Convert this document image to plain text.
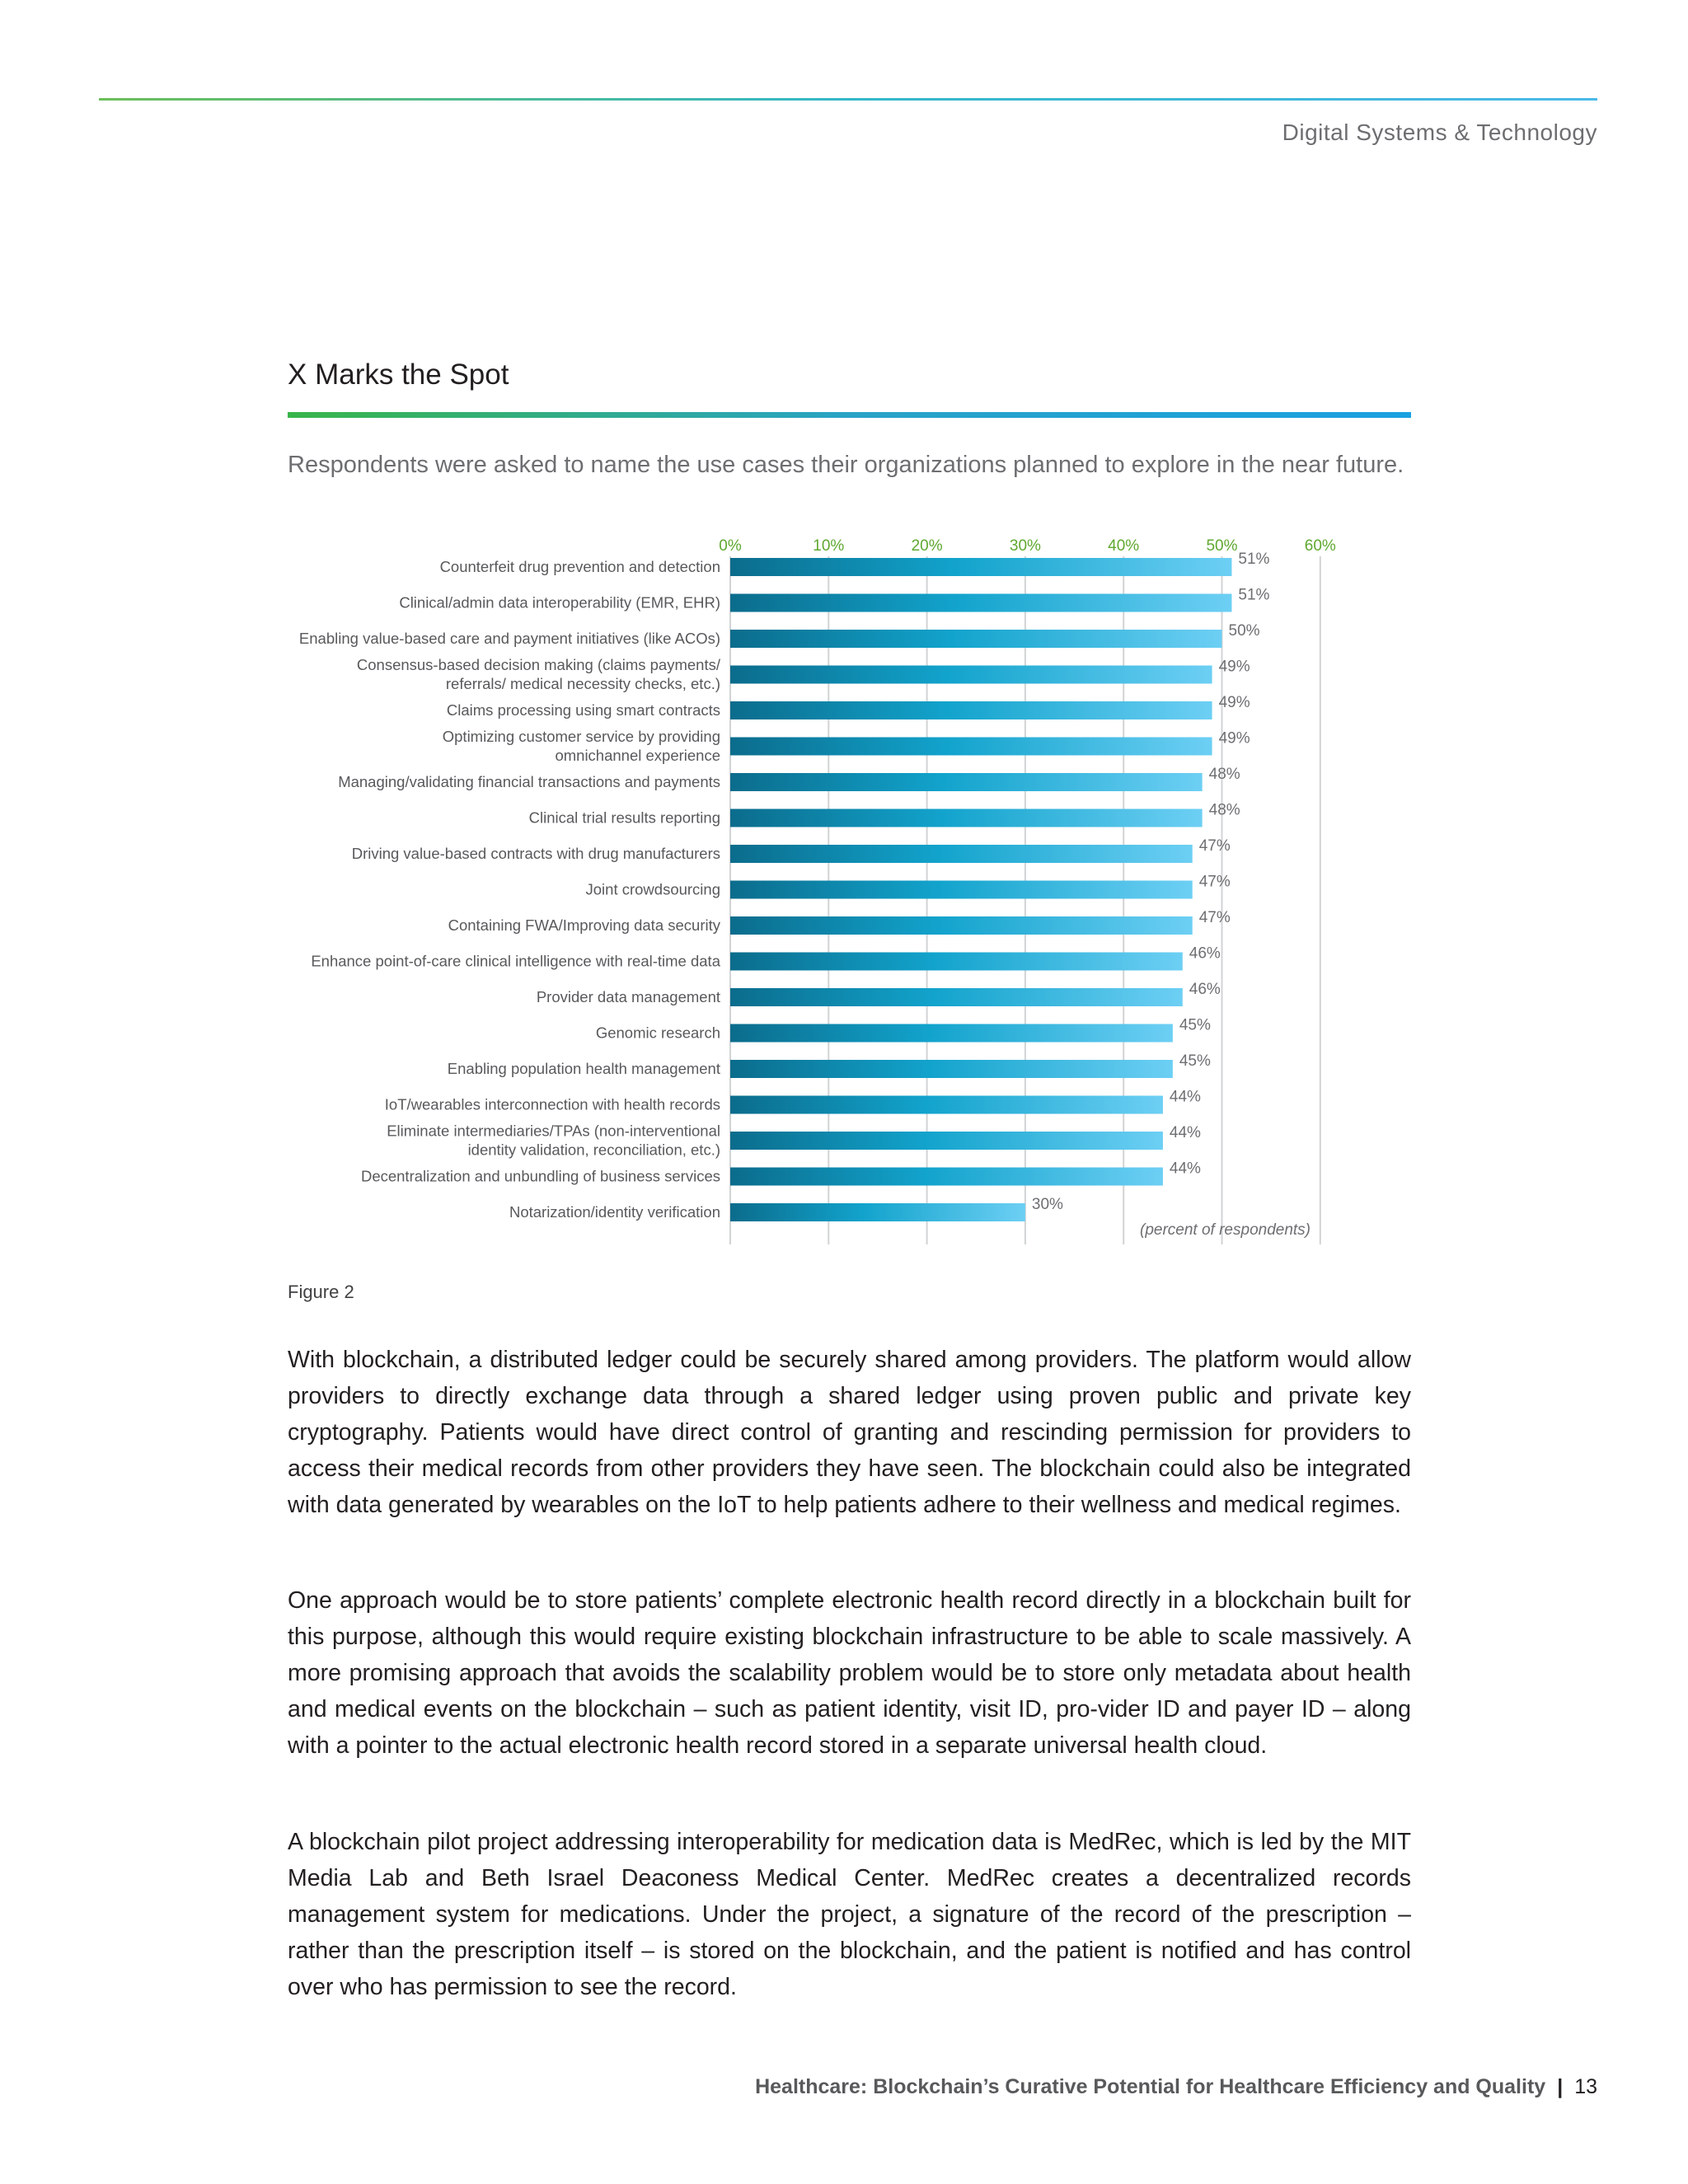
Digital Systems & Technology
X Marks the Spot
Respondents were asked to name the use cases their organizations planned to explore in the near future.
0%	10%	20%	30%	40%	50%	60%
Counterfeit drug prevention and detection
Clinical/admin data interoperability (EMR, EHR)
Enabling value-based care and payment initiatives (like ACOs)
Consensus-based decision making (claims payments/
referrals/ medical necessity checks, etc.)
Claims processing using smart contracts
Optimizing customer service by providing
omnichannel experience
Managing/validating financial transactions and payments
Clinical trial results reporting
Driving value-based contracts with drug manufacturers
Joint crowdsourcing
Containing FWA/Improving data security
Enhance point-of-care clinical intelligence with real-time data
Provider data management
Genomic research
Enabling population health management
IoT/wearables interconnection with health records
Eliminate intermediaries/TPAs (non-interventional
identity validation, reconciliation, etc.)
Decentralization and unbundling of business services
Notarization/identity verification
51%
51%
50%
49%
49%
49%
48%
48%
47%
47%
47%
46%
46%
45%
45%
44%
44%
44%
30%
(percent of respondents)
Figure 2
With blockchain, a distributed ledger could be securely shared among providers. The platform would allow providers to directly exchange data through a shared ledger using proven public and private key cryptography. Patients would have direct control of granting and rescinding permission for providers to access their medical records from other providers they have seen. The blockchain could also be integrated with data generated by wearables on the IoT to help patients adhere to their wellness and medical regimes.
One approach would be to store patients’ complete electronic health record directly in a blockchain built for this purpose, although this would require existing blockchain infrastructure to be able to scale massively. A more promising approach that avoids the scalability problem would be to store only metadata about health and medical events on the blockchain – such as patient identity, visit ID, pro-vider ID and payer ID – along with a pointer to the actual electronic health record stored in a separate universal health cloud.
A blockchain pilot project addressing interoperability for medication data is MedRec, which is led by the MIT Media Lab and Beth Israel Deaconess Medical Center. MedRec creates a decentralized records management system for medications. Under the project, a signature of the record of the prescription – rather than the prescription itself – is stored on the blockchain, and the patient is notified and has control over who has permission to see the record.
Healthcare: Blockchain’s Curative Potential for Healthcare Efficiency and Quality | 13
